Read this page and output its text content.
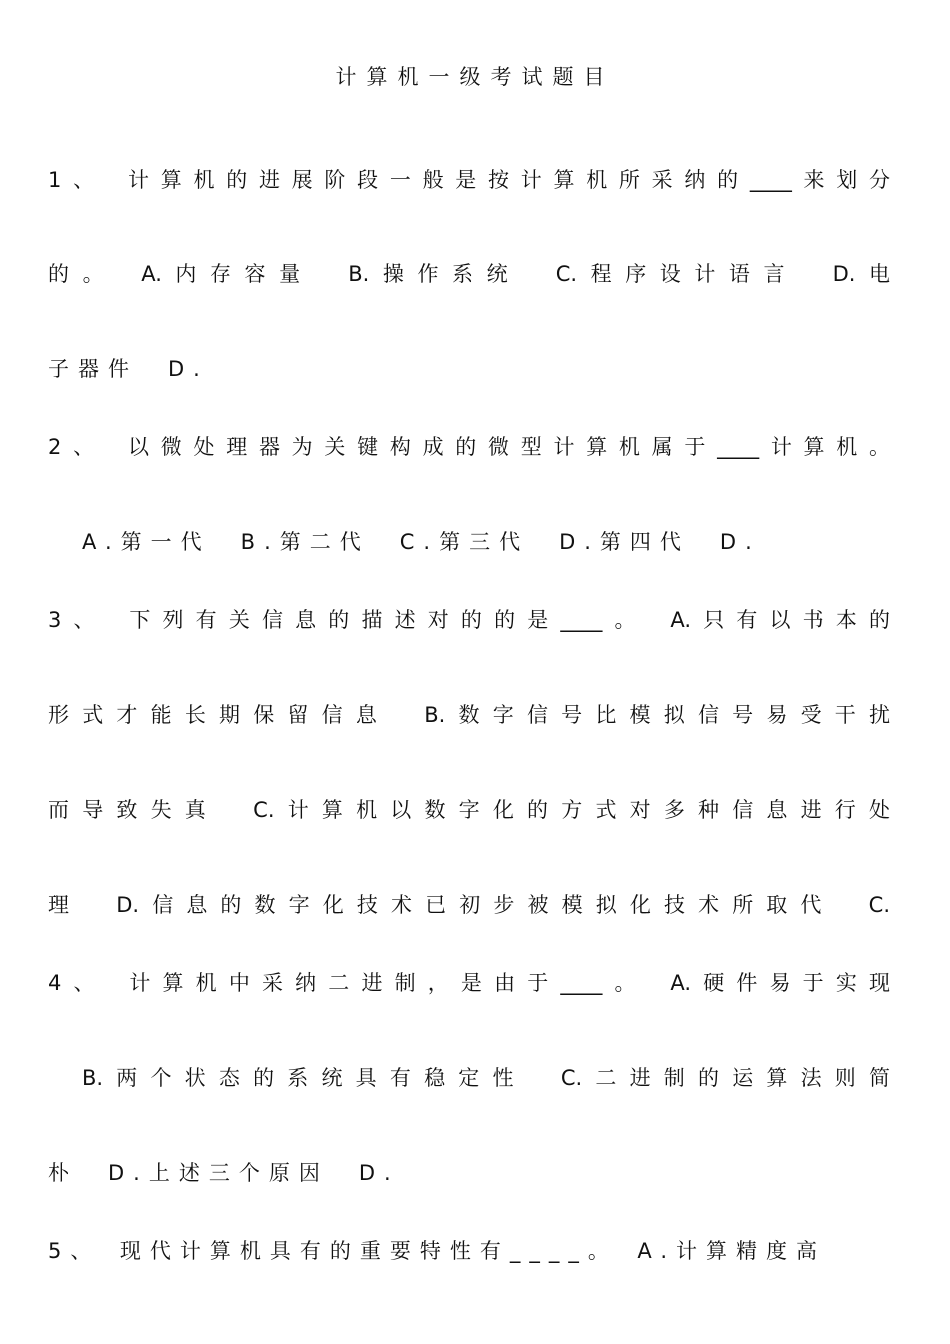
计算机一级考试题目
1、　计算机的进展阶段一般是按计算机所采纳的____来划分
的。　A.内存容量　B.操作系统　C.程序设计语言　D.电
子器件　D.
2、　以微处理器为关键构成的微型计算机属于____计算机。
A.第一代　B.第二代　C.第三代　D.第四代　D.
3、　下列有关信息的描述对的的是____。　A.只有以书本的
形式才能长期保留信息　B.数字信号比模拟信号易受干扰
而导致失真　C.计算机以数字化的方式对多种信息进行处
理　D.信息的数字化技术已初步被模拟化技术所取代　C.
4、　计算机中采纳二进制，是由于____。　A.硬件易于实现
B.两个状态的系统具有稳定性　C.二进制的运算法则简
朴　D.上述三个原因　D.
5、　现代计算机具有的重要特性有____。　A.计算精度高
